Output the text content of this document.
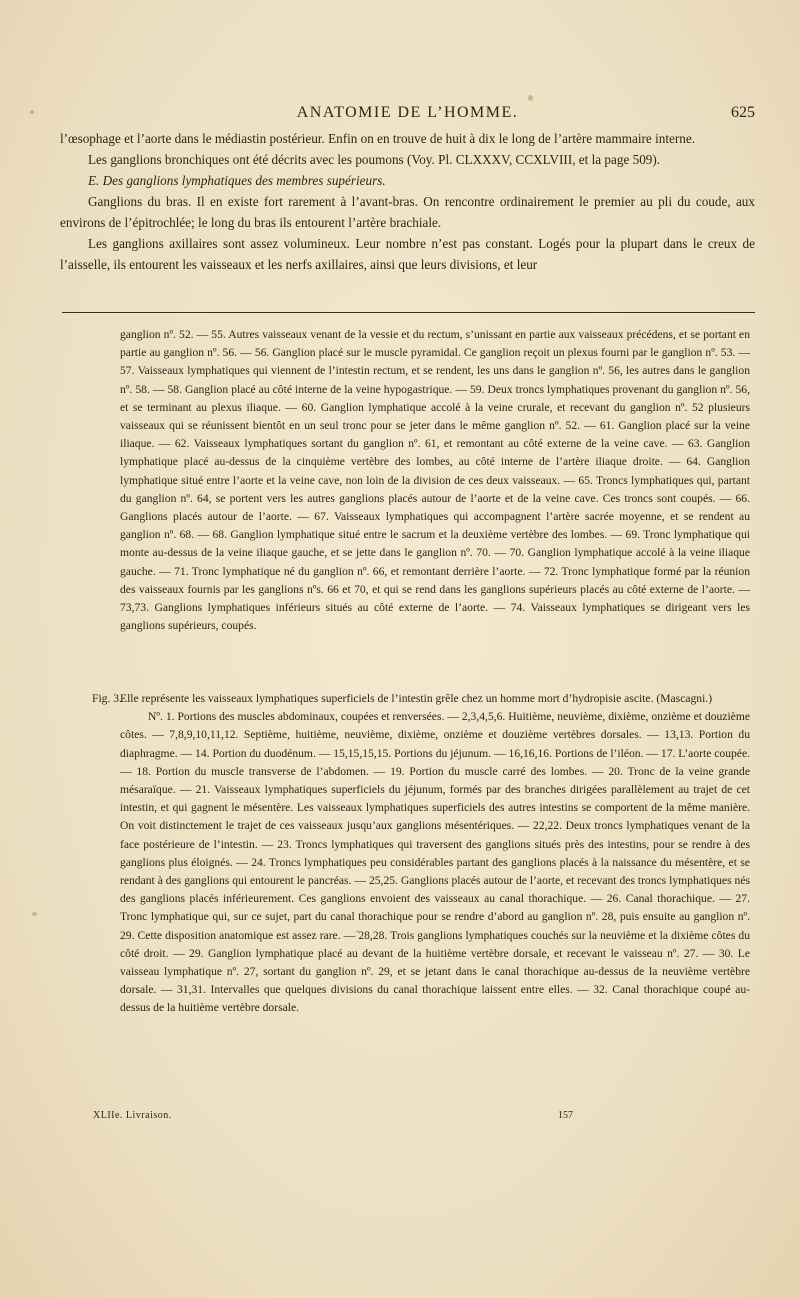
ANATOMIE DE L’HOMME.	625

l’œsophage et l’aorte dans le médiastin postérieur. Enfin on en trouve de huit à dix le long de l’artère mammaire interne.

Les ganglions bronchiques ont été décrits avec les poumons (Voy. Pl. CLXXXV, CCXLVIII, et la page 509).

E. Des ganglions lymphatiques des membres supérieurs.

Ganglions du bras. Il en existe fort rarement à l’avant-bras. On rencontre ordinairement le premier au pli du coude, aux environs de l’épitrochlée; le long du bras ils entourent l’artère brachiale.

Les ganglions axillaires sont assez volumineux. Leur nombre n’est pas constant. Logés pour la plupart dans le creux de l’aisselle, ils entourent les vaisseaux et les nerfs axillaires, ainsi que leurs divisions, et leur

ganglion nº. 52. — 55. Autres vaisseaux venant de la vessie et du rectum, s’unissant en partie aux vaisseaux précédens, et se portant en partie au ganglion nº. 56. — 56. Ganglion placé sur le muscle pyramidal. Ce ganglion reçoit un plexus fourni par le ganglion nº. 53. — 57. Vaisseaux lymphatiques qui viennent de l’intestin rectum, et se rendent, les uns dans le ganglion nº. 56, les autres dans le ganglion nº. 58. — 58. Ganglion placé au côté interne de la veine hypogastrique. — 59. Deux troncs lymphatiques provenant du ganglion nº. 56, et se terminant au plexus iliaque. — 60. Ganglion lymphatique accolé à la veine crurale, et recevant du ganglion nº. 52 plusieurs vaisseaux qui se réunissent bientôt en un seul tronc pour se jeter dans le même ganglion nº. 52. — 61. Ganglion placé sur la veine iliaque. — 62. Vaisseaux lymphatiques sortant du ganglion nº. 61, et remontant au côté externe de la veine cave. — 63. Ganglion lymphatique placé au-dessus de la cinquième vertèbre des lombes, au côté interne de l’artère iliaque droite. — 64. Ganglion lymphatique situé entre l’aorte et la veine cave, non loin de la division de ces deux vaisseaux. — 65. Troncs lymphatiques qui, partant du ganglion nº. 64, se portent vers les autres ganglions placés autour de l’aorte et de la veine cave. Ces troncs sont coupés. — 66. Ganglions placés autour de l’aorte. — 67. Vaisseaux lymphatiques qui accompagnent l’artère sacrée moyenne, et se rendent au ganglion nº. 68. — 68. Ganglion lymphatique situé entre le sacrum et la deuxième vertèbre des lombes. — 69. Tronc lymphatique qui monte au-dessus de la veine iliaque gauche, et se jette dans le ganglion nº. 70. — 70. Ganglion lymphatique accolé à la veine iliaque gauche. — 71. Tronc lymphatique né du ganglion nº. 66, et remontant derrière l’aorte. — 72. Tronc lymphatique formé par la réunion des vaisseaux fournis par les ganglions nºs. 66 et 70, et qui se rend dans les ganglions supérieurs placés au côté externe de l’aorte. — 73,73. Ganglions lymphatiques inférieurs situés au côté externe de l’aorte. — 74. Vaisseaux lymphatiques se dirigeant vers les ganglions supérieurs, coupés.

Fig. 3.
Elle représente les vaisseaux lymphatiques superficiels de l’intestin grêle chez un homme mort d’hydropisie ascite. (Mascagni.)

Nº. 1. Portions des muscles abdominaux, coupées et renversées. — 2,3,4,5,6. Huitième, neuvième, dixième, onzième et douzième côtes. — 7,8,9,10,11,12. Septième, huitième, neuvième, dixième, onzième et douzième vertèbres dorsales. — 13,13. Portion du diaphragme. — 14. Portion du duodénum. — 15,15,15,15. Portions du jéjunum. — 16,16,16. Portions de l’iléon. — 17. L’aorte coupée. — 18. Portion du muscle transverse de l’abdomen. — 19. Portion du muscle carré des lombes. — 20. Tronc de la veine grande mésaraïque. — 21. Vaisseaux lymphatiques superficiels du jéjunum, formés par des branches dirigées parallèlement au trajet de cet intestin, et qui gagnent le mésentère. Les vaisseaux lymphatiques superficiels des autres intestins se comportent de la même manière. On voit distinctement le trajet de ces vaisseaux jusqu’aux ganglions mésentériques. — 22,22. Deux troncs lymphatiques venant de la face postérieure de l’intestin. — 23. Troncs lymphatiques qui traversent des ganglions situés près des intestins, pour se rendre à des ganglions plus éloignés. — 24. Troncs lymphatiques peu considérables partant des ganglions placés à la naissance du mésentère, et se rendant à des ganglions qui entourent le pancréas. — 25,25. Ganglions placés autour de l’aorte, et recevant des troncs lymphatiques nés des ganglions placés inférieurement. Ces ganglions envoient des vaisseaux au canal thorachique. — 26. Canal thorachique. — 27. Tronc lymphatique qui, sur ce sujet, part du canal thorachique pour se rendre d’abord au ganglion nº. 28, puis ensuite au ganglion nº. 29. Cette disposition anatomique est assez rare. — 28,28. Trois ganglions lymphatiques couchés sur la neuvième et la dixième côtes du côté droit. — 29. Ganglion lymphatique placé au devant de la huitième vertèbre dorsale, et recevant le vaisseau nº. 27. — 30. Le vaisseau lymphatique nº. 27, sortant du ganglion nº. 29, et se jetant dans le canal thorachique au-dessus de la neuvième vertèbre dorsale. — 31,31. Intervalles que quelques divisions du canal thorachique laissent entre elles. — 32. Canal thorachique coupé au-dessus de la huitième vertèbre dorsale.

XLIIe. Livraison.	157
